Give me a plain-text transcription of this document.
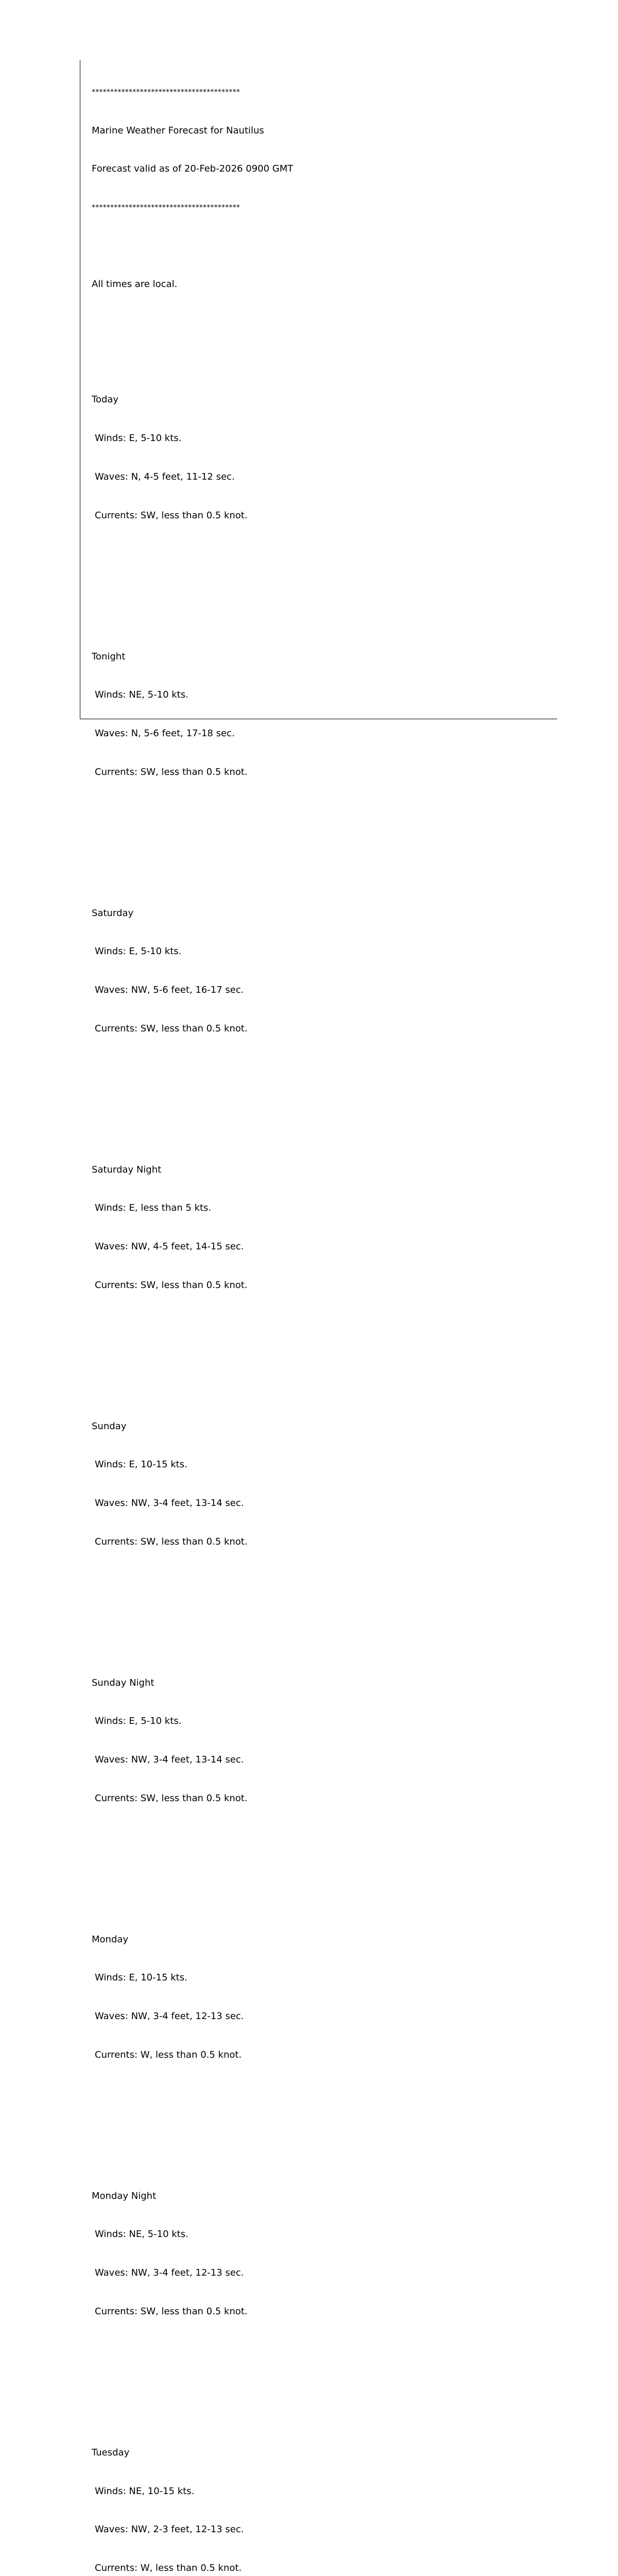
****************************************

Marine Weather Forecast for Nautilus

Forecast valid as of 20-Feb-2026 0900 GMT

****************************************

All times are local.

Today

Winds: E, 5-10 kts.

Waves: N, 4-5 feet, 11-12 sec.

Currents: SW, less than 0.5 knot.

Tonight

Winds: NE, 5-10 kts.

Waves: N, 5-6 feet, 17-18 sec.

Currents: SW, less than 0.5 knot.

Saturday

Winds: E, 5-10 kts.

Waves: NW, 5-6 feet, 16-17 sec.

Currents: SW, less than 0.5 knot.

Saturday Night

Winds: E, less than 5 kts.

Waves: NW, 4-5 feet, 14-15 sec.

Currents: SW, less than 0.5 knot.

Sunday

Winds: E, 10-15 kts.

Waves: NW, 3-4 feet, 13-14 sec.

Currents: SW, less than 0.5 knot.

Sunday Night

Winds: E, 5-10 kts.

Waves: NW, 3-4 feet, 13-14 sec.

Currents: SW, less than 0.5 knot.

Monday

Winds: E, 10-15 kts.

Waves: NW, 3-4 feet, 12-13 sec.

Currents: W, less than 0.5 knot.

Monday Night

Winds: NE, 5-10 kts.

Waves: NW, 3-4 feet, 12-13 sec.

Currents: SW, less than 0.5 knot.

Tuesday

Winds: NE, 10-15 kts.

Waves: NW, 2-3 feet, 12-13 sec.

Currents: W, less than 0.5 knot.
